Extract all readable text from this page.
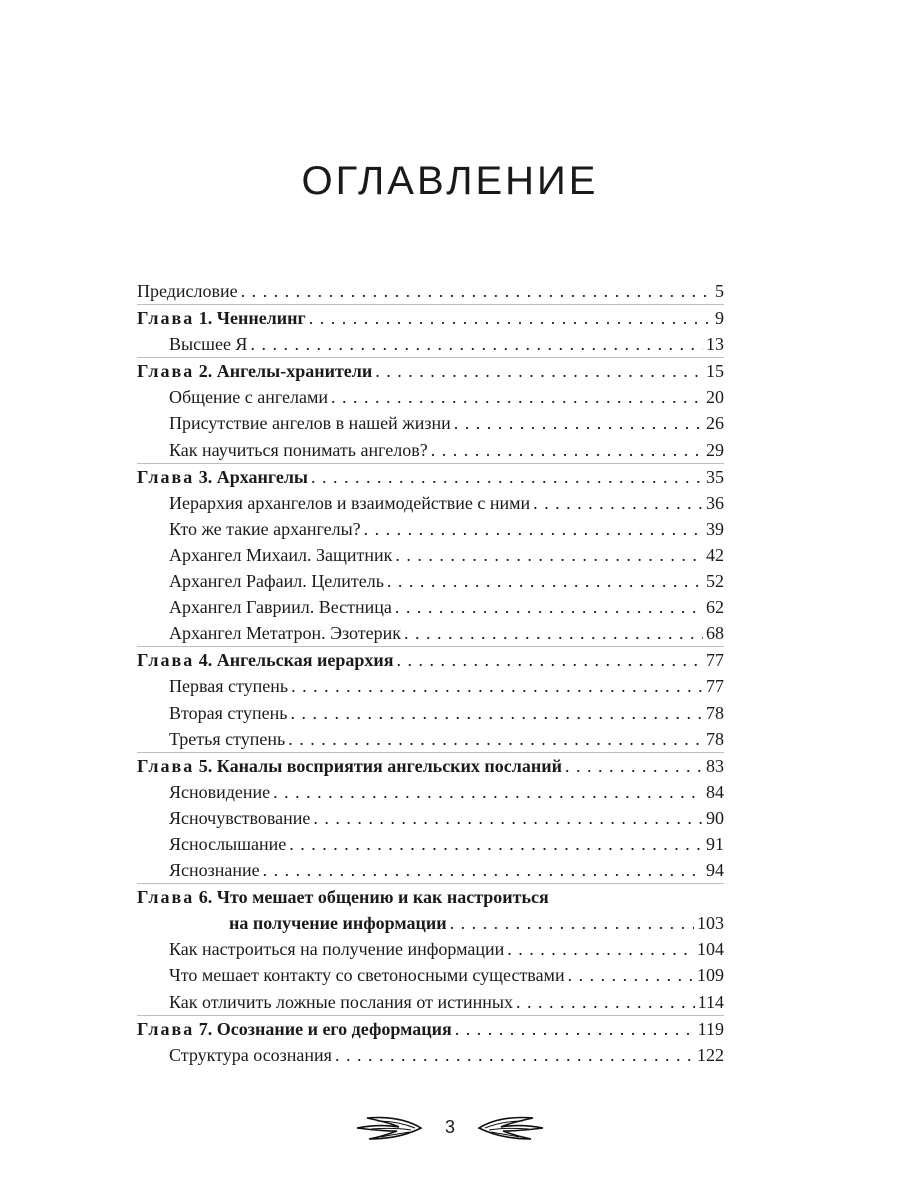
ОГЛАВЛЕНИЕ
Предисловие . . .	5
Глава 1. Ченнелинг . . .	9
Высшее Я . . .	13
Глава 2. Ангелы-хранители . . .	15
Общение с ангелами . . .	20
Присутствие ангелов в нашей жизни . . .	26
Как научиться понимать ангелов? . . .	29
Глава 3. Архангелы . . .	35
Иерархия архангелов и взаимодействие с ними . . .	36
Кто же такие архангелы? . . .	39
Архангел Михаил. Защитник . . .	42
Архангел Рафаил. Целитель . . .	52
Архангел Гавриил. Вестница . . .	62
Архангел Метатрон. Эзотерик . . .	68
Глава 4. Ангельская иерархия . . .	77
Первая ступень . . .	77
Вторая ступень . . .	78
Третья ступень . . .	78
Глава 5. Каналы восприятия ангельских посланий . . .	83
Ясновидение . . .	84
Ясночувствование . . .	90
Яснослышание . . .	91
Яснознание . . .	94
Глава 6. Что мешает общению и как настроиться
на получение информации . . .	103
Как настроиться на получение информации . . .	104
Что мешает контакту со светоносными существами . . .	109
Как отличить ложные послания от истинных . . .	114
Глава 7. Осознание и его деформация . . .	119
Структура осознания . . .	122
3
